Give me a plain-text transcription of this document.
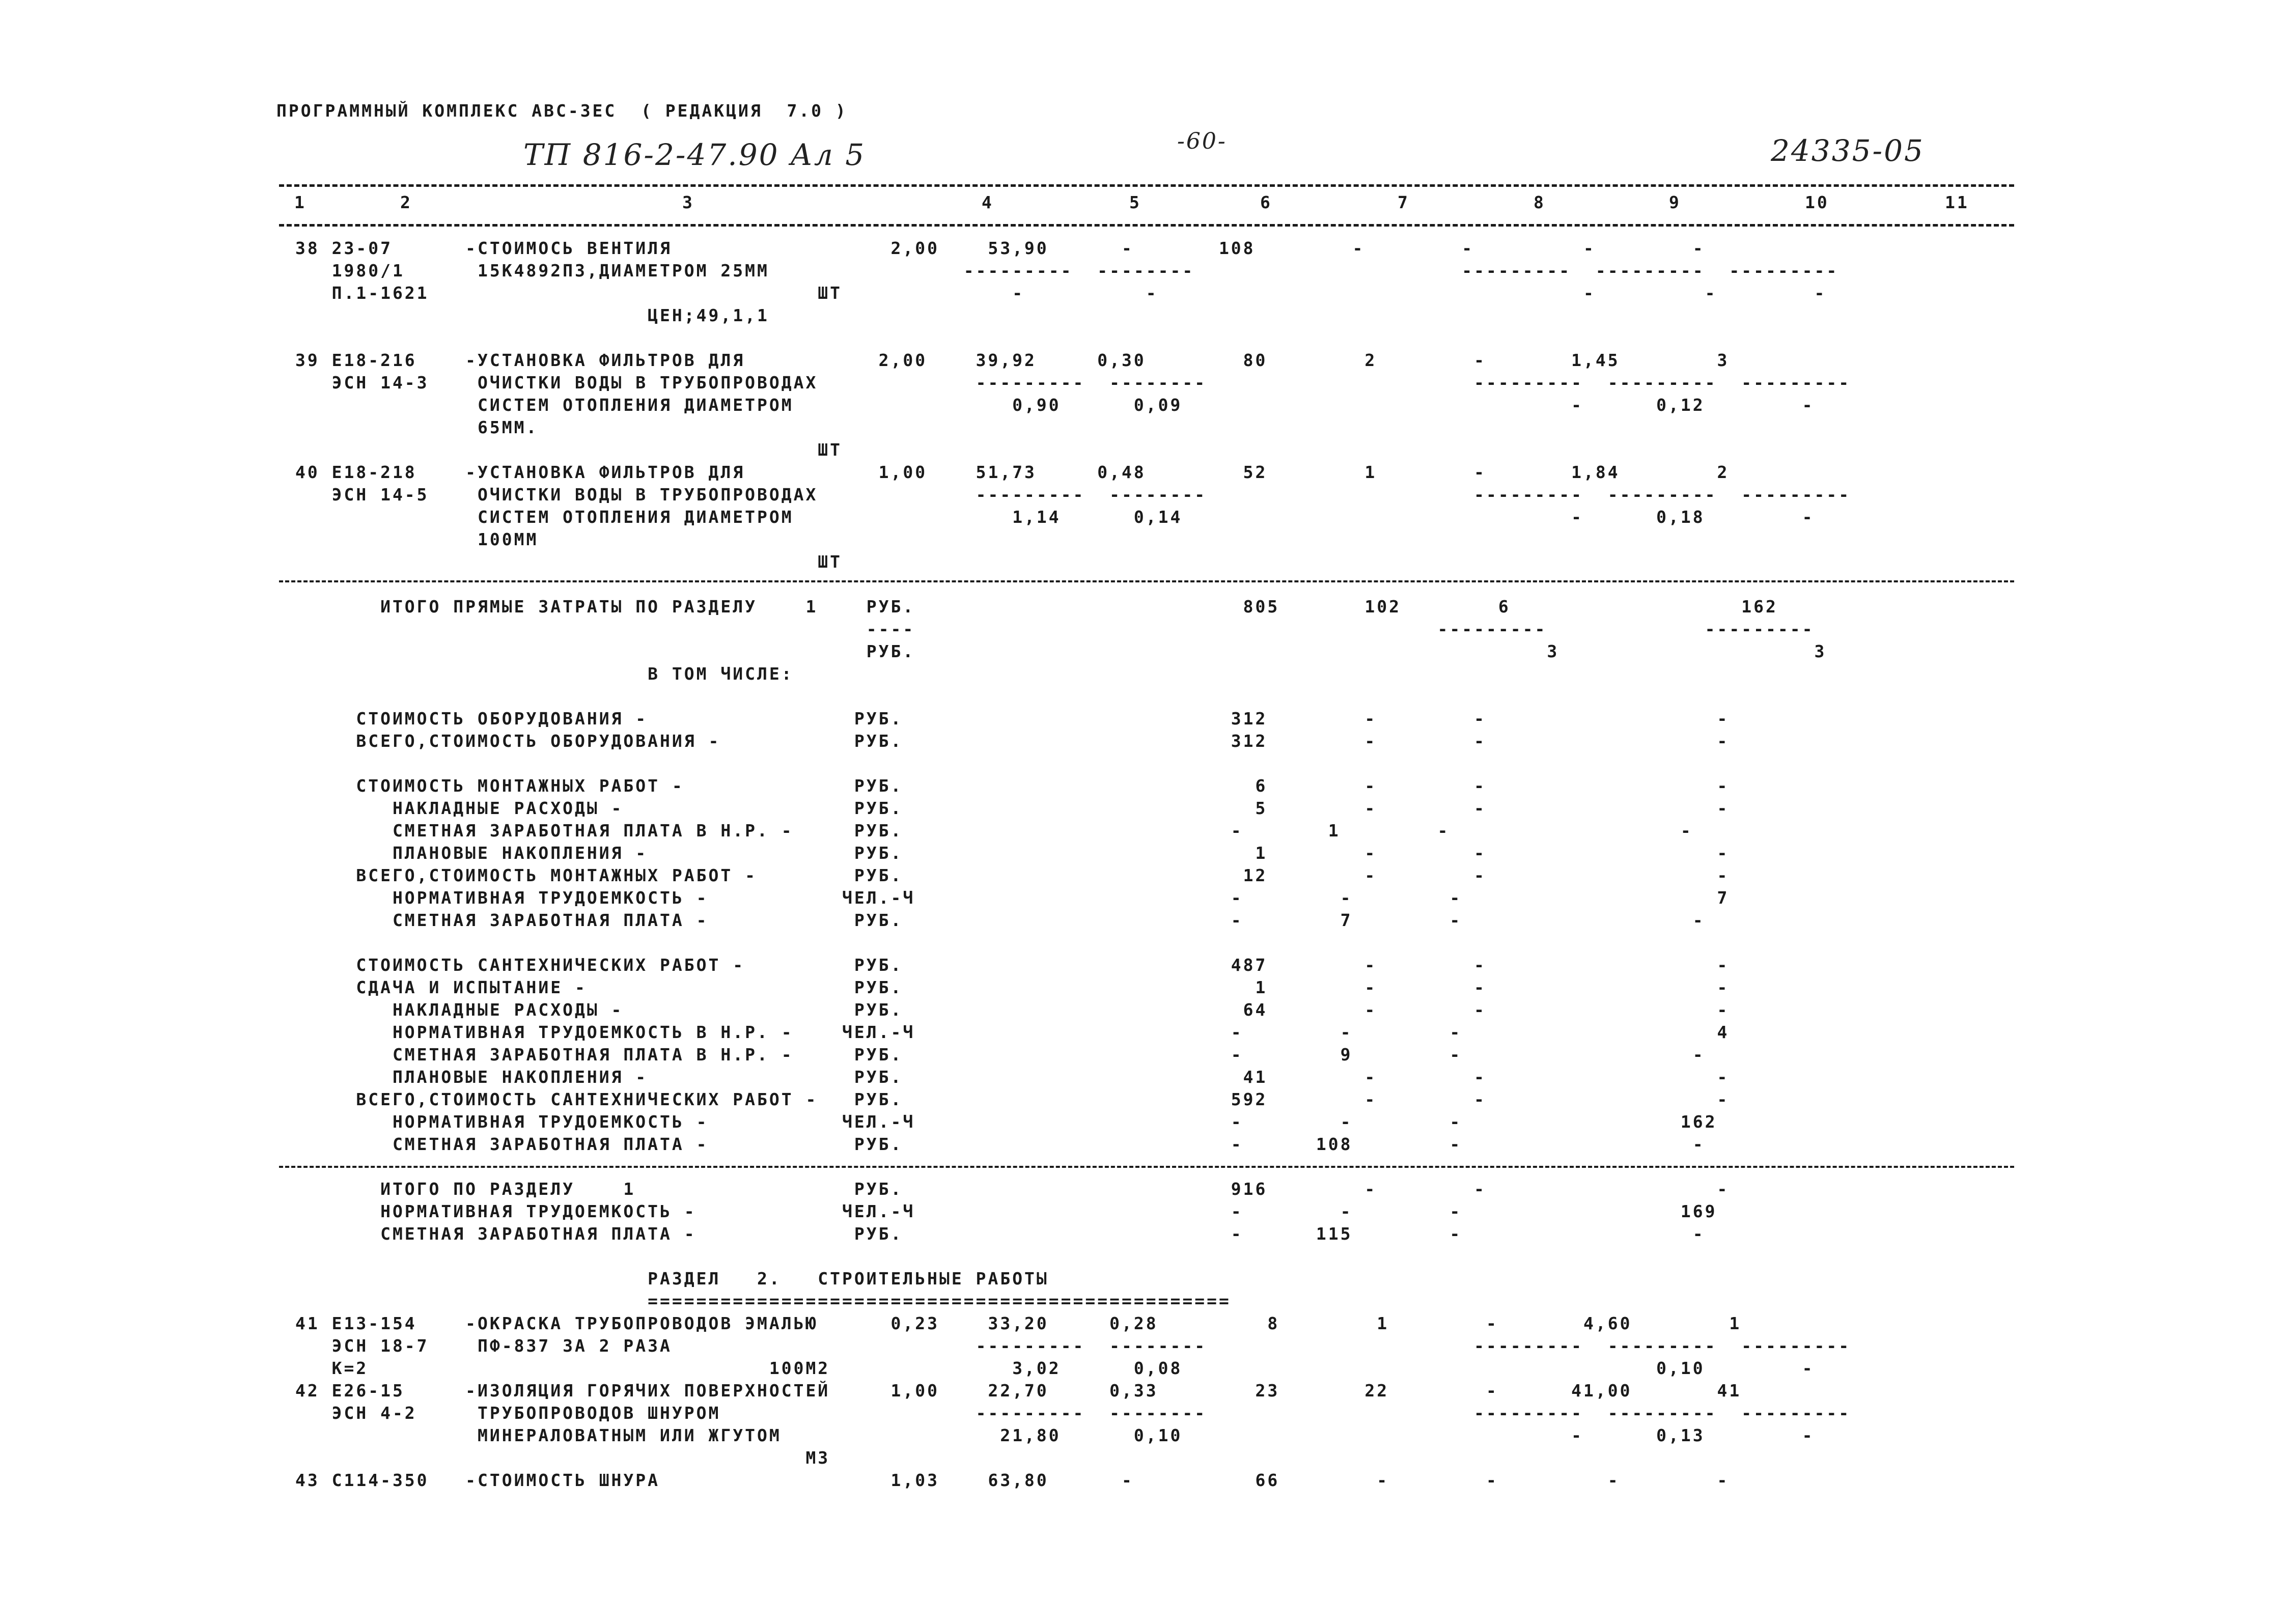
ПРОГРАММНЫЙ КОМПЛЕКС АВС-3ЕС  ( РЕДАКЦИЯ  7.0 )
ТП 816-2-47.90 Ал 5	-60-	24335-05
1	2	3	4	5	6	7	8	9	10	11
38 23-07      -СТОИМОСЬ ВЕНТИЛЯ                  2,00    53,90      -       108        -        -         -        -
1980/1      15К4892П3,ДИАМЕТРОМ 25ММ                ---------  --------                      ---------  ---------  ---------
П.1-1621                                ШТ              -          -                                   -         -        -
ЦЕН;49,1,1
39 Е18-216    -УСТАНОВКА ФИЛЬТРОВ ДЛЯ           2,00    39,92     0,30        80        2        -       1,45        3
ЭСН 14-3    ОЧИСТКИ ВОДЫ В ТРУБОПРОВОДАХ             ---------  --------                      ---------  ---------  ---------
СИСТЕМ ОТОПЛЕНИЯ ДИАМЕТРОМ                  0,90      0,09                                -      0,12        -
65ММ.
ШТ
40 Е18-218    -УСТАНОВКА ФИЛЬТРОВ ДЛЯ           1,00    51,73     0,48        52        1        -       1,84        2
ЭСН 14-5    ОЧИСТКИ ВОДЫ В ТРУБОПРОВОДАХ             ---------  --------                      ---------  ---------  ---------
СИСТЕМ ОТОПЛЕНИЯ ДИАМЕТРОМ                  1,14      0,14                                -      0,18        -
100ММ
ШТ
ИТОГО ПРЯМЫЕ ЗАТРАТЫ ПО РАЗДЕЛУ    1    РУБ.                           805       102        6                   162
----                                           ---------             ---------
РУБ.                                                    3                     3
В ТОМ ЧИСЛЕ:
СТОИМОСТЬ ОБОРУДОВАНИЯ -                 РУБ.                           312        -        -                   -
ВСЕГО,СТОИМОСТЬ ОБОРУДОВАНИЯ -           РУБ.                           312        -        -                   -
СТОИМОСТЬ МОНТАЖНЫХ РАБОТ -              РУБ.                             6        -        -                   -
НАКЛАДНЫЕ РАСХОДЫ -                   РУБ.                             5        -        -                   -
СМЕТНАЯ ЗАРАБОТНАЯ ПЛАТА В Н.Р. -     РУБ.                           -       1        -                   -
ПЛАНОВЫЕ НАКОПЛЕНИЯ -                 РУБ.                             1        -        -                   -
ВСЕГО,СТОИМОСТЬ МОНТАЖНЫХ РАБОТ -        РУБ.                            12        -        -                   -
НОРМАТИВНАЯ ТРУДОЕМКОСТЬ -           ЧЕЛ.-Ч                          -        -        -                     7
СМЕТНАЯ ЗАРАБОТНАЯ ПЛАТА -            РУБ.                           -        7        -                   -
СТОИМОСТЬ САНТЕХНИЧЕСКИХ РАБОТ -         РУБ.                           487        -        -                   -
СДАЧА И ИСПЫТАНИЕ -                      РУБ.                             1        -        -                   -
НАКЛАДНЫЕ РАСХОДЫ -                   РУБ.                            64        -        -                   -
НОРМАТИВНАЯ ТРУДОЕМКОСТЬ В Н.Р. -    ЧЕЛ.-Ч                          -        -        -                     4
СМЕТНАЯ ЗАРАБОТНАЯ ПЛАТА В Н.Р. -     РУБ.                           -        9        -                   -
ПЛАНОВЫЕ НАКОПЛЕНИЯ -                 РУБ.                            41        -        -                   -
ВСЕГО,СТОИМОСТЬ САНТЕХНИЧЕСКИХ РАБОТ -   РУБ.                           592        -        -                   -
НОРМАТИВНАЯ ТРУДОЕМКОСТЬ -           ЧЕЛ.-Ч                          -        -        -                  162
СМЕТНАЯ ЗАРАБОТНАЯ ПЛАТА -            РУБ.                           -      108        -                   -
ИТОГО ПО РАЗДЕЛУ    1                  РУБ.                           916        -        -                   -
НОРМАТИВНАЯ ТРУДОЕМКОСТЬ -            ЧЕЛ.-Ч                          -        -        -                  169
СМЕТНАЯ ЗАРАБОТНАЯ ПЛАТА -             РУБ.                           -      115        -                   -
РАЗДЕЛ   2.   СТРОИТЕЛЬНЫЕ РАБОТЫ
================================================
41 Е13-154    -ОКРАСКА ТРУБОПРОВОДОВ ЭМАЛЬЮ      0,23    33,20     0,28         8        1        -       4,60        1
ЭСН 18-7    ПФ-837 ЗА 2 РАЗА                         ---------  --------                      ---------  ---------  ---------
К=2                                 100М2               3,02      0,08                                       0,10        -
42 Е26-15     -ИЗОЛЯЦИЯ ГОРЯЧИХ ПОВЕРХНОСТЕЙ     1,00    22,70     0,33        23       22        -      41,00       41
ЭСН 4-2     ТРУБОПРОВОДОВ ШНУРОМ                     ---------  --------                      ---------  ---------  ---------
МИНЕРАЛОВАТНЫМ ИЛИ ЖГУТОМ                  21,80      0,10                                -      0,13        -
М3
43 С114-350   -СТОИМОСТЬ ШНУРА                   1,03    63,80      -          66        -        -         -        -
